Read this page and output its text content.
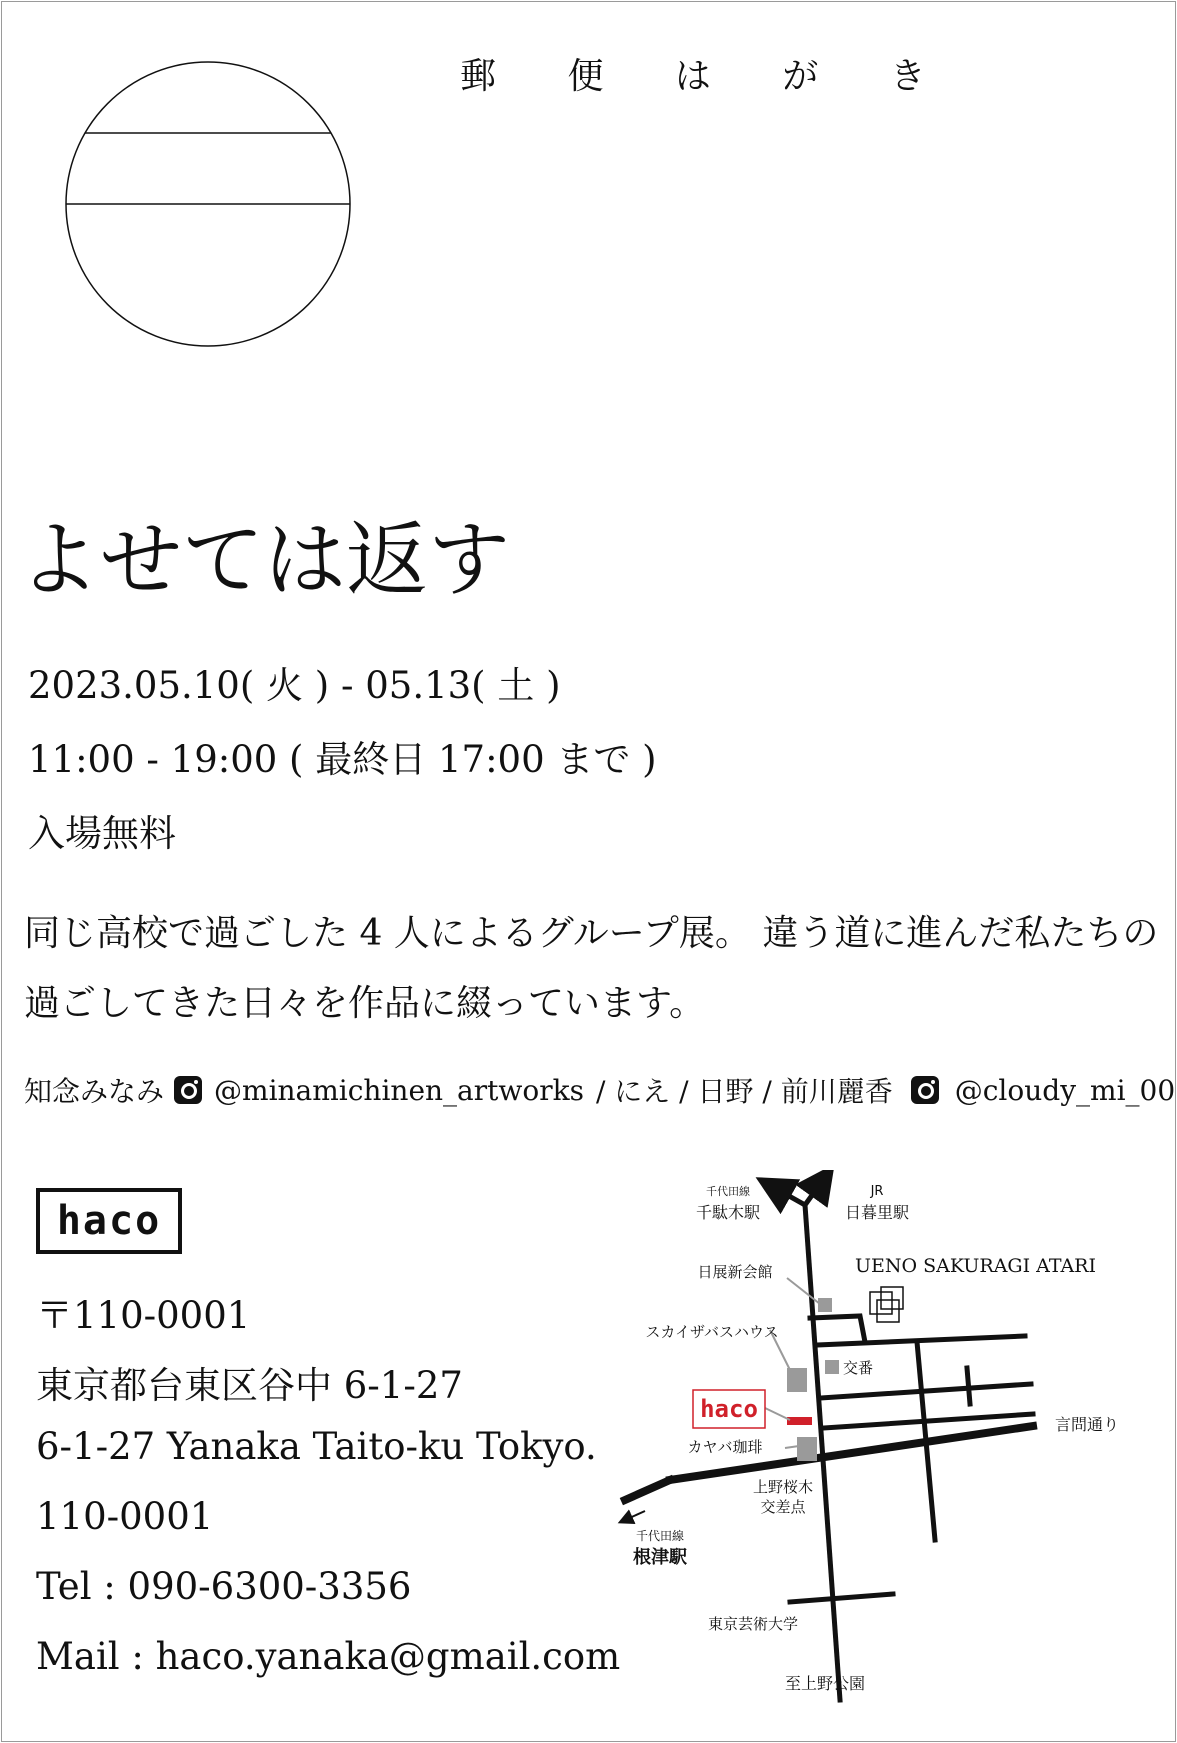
郵 便 は が き
よせては返す
2023.05.10( 火 ) - 05.13( 土 )
11:00 - 19:00 ( 最終日 17:00 まで )
入場無料
同じ高校で過ごした 4 人によるグループ展。 違う道に進んだ私たちの
過ごしてきた日々を作品に綴っています。
知念みなみ @minamichinen_artworks / にえ / 日野 / 前川麗香 @cloudy_mi_00
haco
〒110-0001
東京都台東区谷中 6-1-27
6-1-27 Yanaka Taito-ku Tokyo.
110-0001
Tel : 090-6300-3356
Mail : haco.yanaka@gmail.com
haco
千代田線
千駄木駅
JR
日暮里駅
UENO SAKURAGI ATARI
日展新会館
スカイザバスハウス
交番
カヤバ珈琲
言問通り
上野桜木
交差点
千代田線
根津駅
東京芸術大学
至上野公園
